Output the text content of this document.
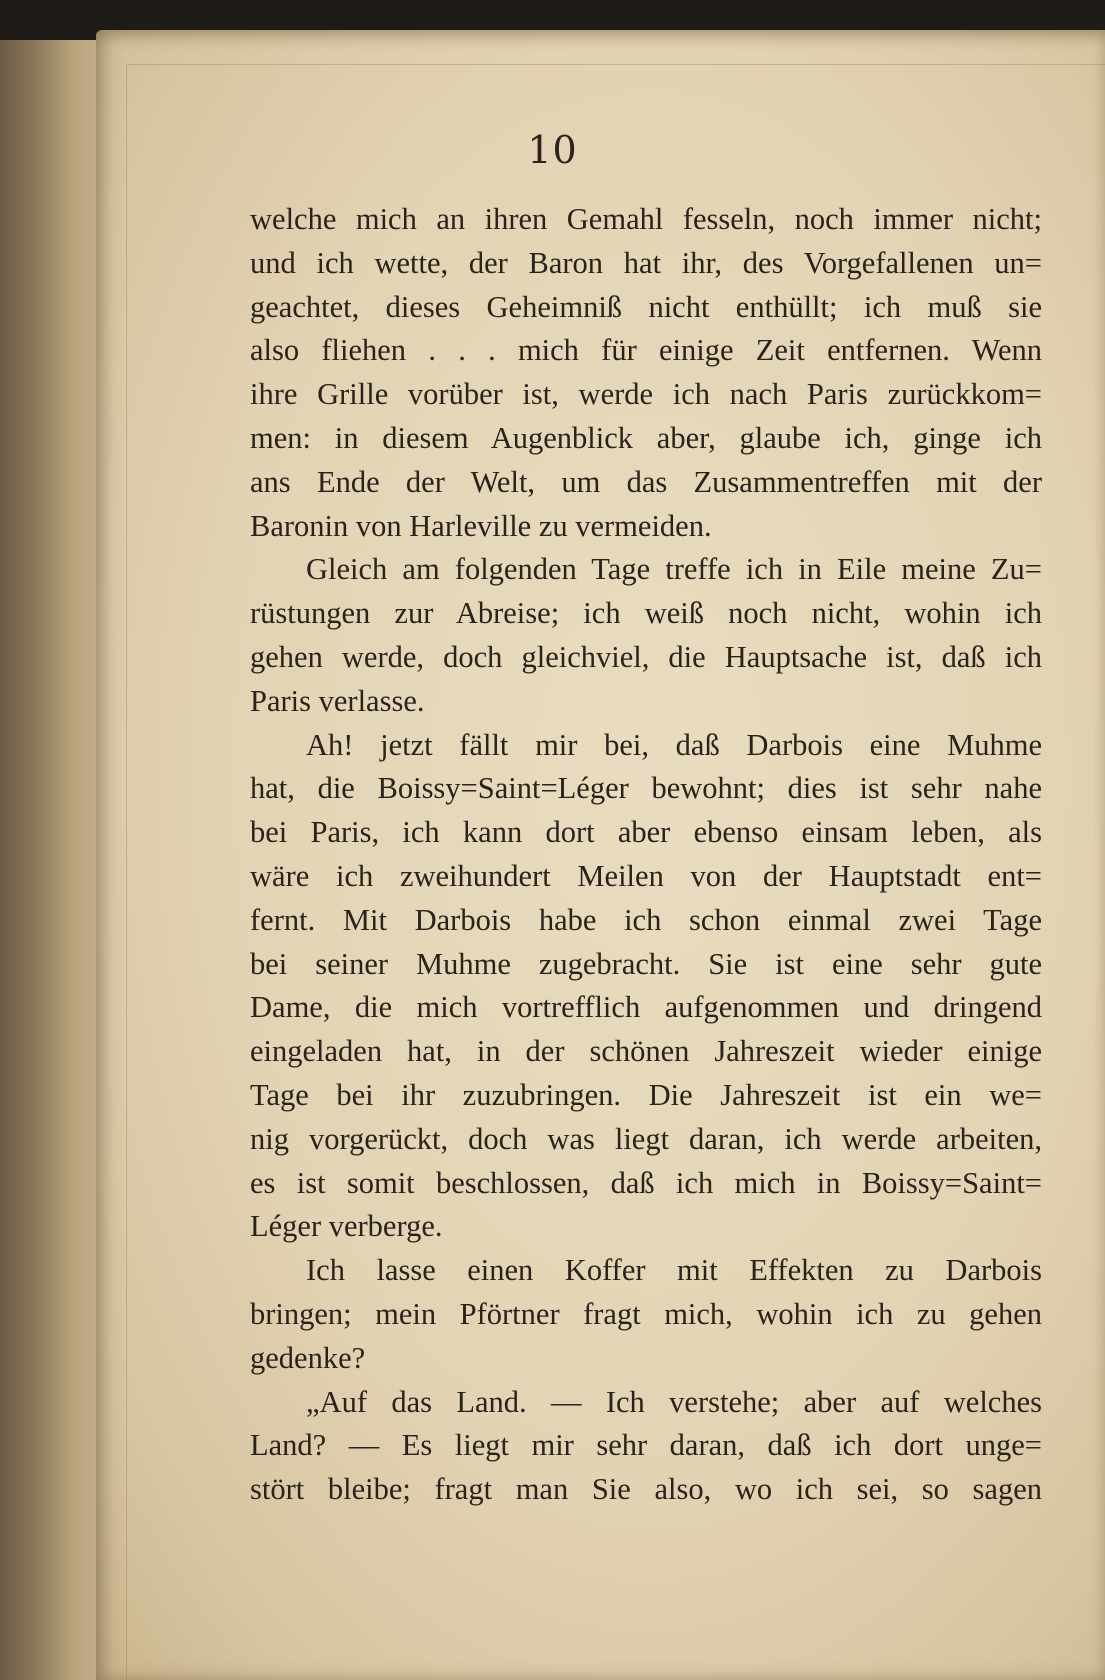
10
welche mich an ihren Gemahl fesseln, noch immer nicht;
und ich wette, der Baron hat ihr, des Vorgefallenen un=
geachtet, dieses Geheimniß nicht enthüllt; ich muß sie
also fliehen . . . mich für einige Zeit entfernen. Wenn
ihre Grille vorüber ist, werde ich nach Paris zurückkom=
men: in diesem Augenblick aber, glaube ich, ginge ich
ans Ende der Welt, um das Zusammentreffen mit der
Baronin von Harleville zu vermeiden.
Gleich am folgenden Tage treffe ich in Eile meine Zu=
rüstungen zur Abreise; ich weiß noch nicht, wohin ich
gehen werde, doch gleichviel, die Hauptsache ist, daß ich
Paris verlasse.
Ah! jetzt fällt mir bei, daß Darbois eine Muhme
hat, die Boissy=Saint=Léger bewohnt; dies ist sehr nahe
bei Paris, ich kann dort aber ebenso einsam leben, als
wäre ich zweihundert Meilen von der Hauptstadt ent=
fernt. Mit Darbois habe ich schon einmal zwei Tage
bei seiner Muhme zugebracht. Sie ist eine sehr gute
Dame, die mich vortrefflich aufgenommen und dringend
eingeladen hat, in der schönen Jahreszeit wieder einige
Tage bei ihr zuzubringen. Die Jahreszeit ist ein we=
nig vorgerückt, doch was liegt daran, ich werde arbeiten,
es ist somit beschlossen, daß ich mich in Boissy=Saint=
Léger verberge.
Ich lasse einen Koffer mit Effekten zu Darbois
bringen; mein Pförtner fragt mich, wohin ich zu gehen
gedenke?
„Auf das Land. — Ich verstehe; aber auf welches
Land? — Es liegt mir sehr daran, daß ich dort unge=
stört bleibe; fragt man Sie also, wo ich sei, so sagen
